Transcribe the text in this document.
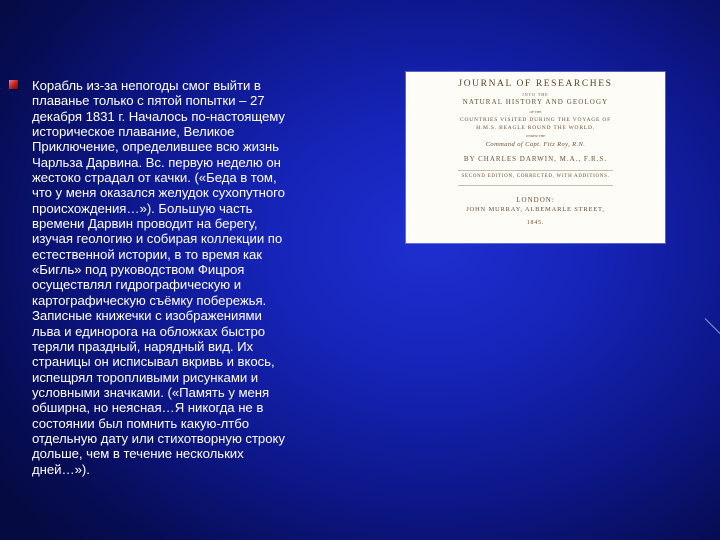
Корабль из-за непогоды смог выйти в
плаванье только с пятой попытки – 27
декабря 1831 г. Началось по-настоящему
историческое плавание, Великое
Приключение, определившее всю жизнь
Чарльза Дарвина. Вс. первую неделю он
жестоко страдал от качки. («Беда в том,
что у меня оказался желудок сухопутного
происхождения…»). Большую часть
времени Дарвин проводит на берегу,
изучая геологию и собирая коллекции по
естественной истории, в то время как
«Бигль» под руководством Фицроя
осуществлял гидрографическую и
картографическую съёмку побережья.
Записные книжечки с изображениями
льва и единорога на обложках быстро
теряли праздный, нарядный вид. Их
страницы он исписывал вкривь и вкось,
испещрял торопливыми рисунками и
условными значками. («Память у меня
обширна, но неясная…Я никогда не в
состоянии был помнить какую-лтбо
отдельную дату или стихотворную строку
дольше, чем в течение нескольких
дней…»).
JOURNAL OF RESEARCHES
INTO THE
NATURAL HISTORY AND GEOLOGY
OF THE
COUNTRIES VISITED DURING THE VOYAGE OF
H.M.S. BEAGLE ROUND THE WORLD,
UNDER THE
Command of Capt. Fitz Roy, R.N.
BY CHARLES DARWIN, M.A., F.R.S.
SECOND EDITION, CORRECTED, WITH ADDITIONS.
LONDON:
JOHN MURRAY, ALBEMARLE STREET,
1845.
